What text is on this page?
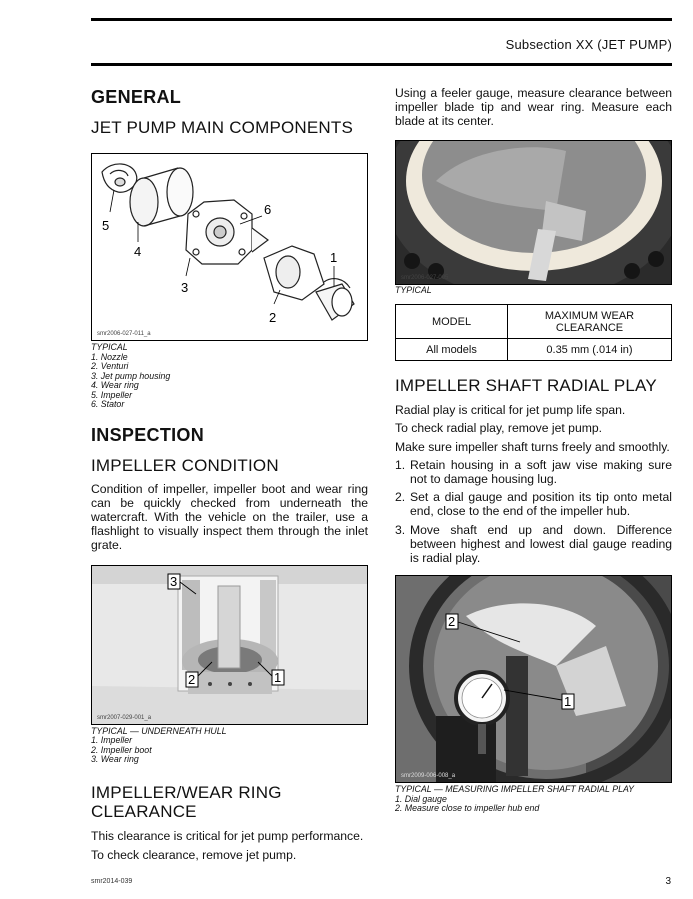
Subsection XX (JET PUMP)
GENERAL
JET PUMP MAIN COMPONENTS
5
4
3
6
2
1
smr2006-027-011_a
TYPICAL
1. Nozzle
2. Venturi
3. Jet pump housing
4. Wear ring
5. Impeller
6. Stator
INSPECTION
IMPELLER CONDITION

Condition of impeller, impeller boot and wear ring can be quickly checked from underneath the watercraft. With the vehicle on the trailer, use a flashlight to visually inspect them through the inlet grate.

3
2	1
smr2007-029-001_a
TYPICAL — UNDERNEATH HULL
1. Impeller
2. Impeller boot
3. Wear ring
IMPELLER/WEAR RING CLEARANCE

This clearance is critical for jet pump performance.

To check clearance, remove jet pump.

Using a feeler gauge, measure clearance between impeller blade tip and wear ring. Measure each blade at its center.

smr2006-027-005
TYPICAL
MODEL	MAXIMUM WEAR CLEARANCE
All models	0.35 mm (.014 in)
IMPELLER SHAFT RADIAL PLAY

Radial play is critical for jet pump life span.

To check radial play, remove jet pump.

Make sure impeller shaft turns freely and smoothly.

1. Retain housing in a soft jaw vise making sure not to damage housing lug.
2. Set a dial gauge and position its tip onto metal end, close to the end of the impeller hub.
3. Move shaft end up and down. Difference between highest and lowest dial gauge reading is radial play.
2
1
smr2009-006-008_a
TYPICAL — MEASURING IMPELLER SHAFT RADIAL PLAY
1. Dial gauge
2. Measure close to impeller hub end
smr2014-039	3
